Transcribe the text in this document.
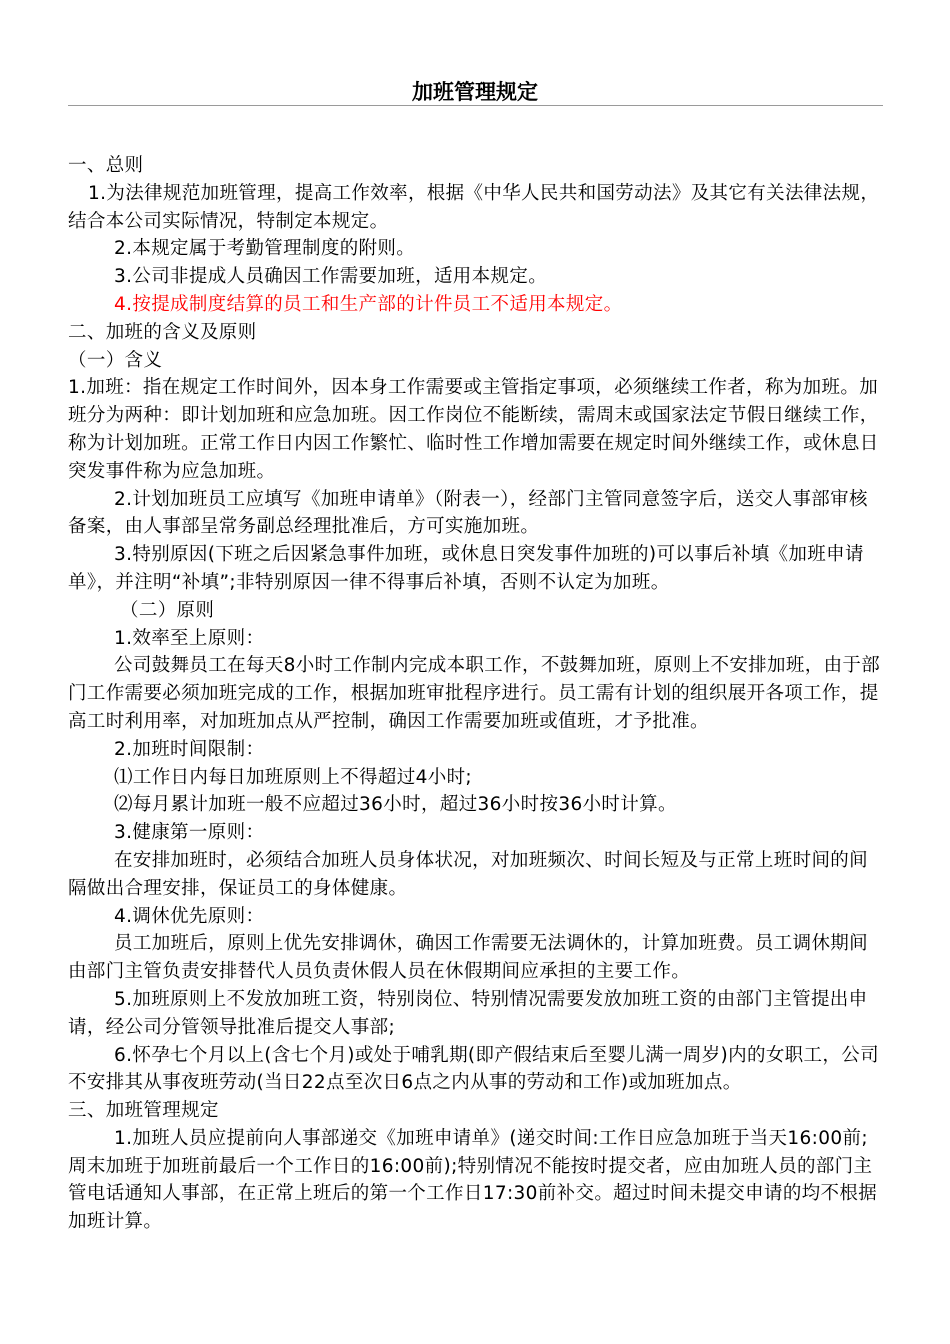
加班管理规定

一、总则

1.为法律规范加班管理，提高工作效率，根据《中华人民共和国劳动法》及其它有关法律法规，结合本公司实际情况，特制定本规定。

2.本规定属于考勤管理制度的附则。

3.公司非提成人员确因工作需要加班，适用本规定。

4.按提成制度结算的员工和生产部的计件员工不适用本规定。

二、加班的含义及原则

（一）含义

1.加班：指在规定工作时间外，因本身工作需要或主管指定事项，必须继续工作者，称为加班。加班分为两种：即计划加班和应急加班。因工作岗位不能断续，需周末或国家法定节假日继续工作，称为计划加班。正常工作日内因工作繁忙、临时性工作增加需要在规定时间外继续工作，或休息日突发事件称为应急加班。

2.计划加班员工应填写《加班申请单》（附表一），经部门主管同意签字后，送交人事部审核备案，由人事部呈常务副总经理批准后，方可实施加班。

3.特别原因(下班之后因紧急事件加班，或休息日突发事件加班的)可以事后补填《加班申请单》，并注明“补填”;非特别原因一律不得事后补填，否则不认定为加班。

（二）原则

1.效率至上原则：

公司鼓舞员工在每天8小时工作制内完成本职工作，不鼓舞加班，原则上不安排加班，由于部门工作需要必须加班完成的工作，根据加班审批程序进行。员工需有计划的组织展开各项工作，提高工时利用率，对加班加点从严控制，确因工作需要加班或值班，才予批准。

2.加班时间限制：

⑴工作日内每日加班原则上不得超过4小时;

⑵每月累计加班一般不应超过36小时，超过36小时按36小时计算。

3.健康第一原则：

在安排加班时，必须结合加班人员身体状况，对加班频次、时间长短及与正常上班时间的间隔做出合理安排，保证员工的身体健康。

4.调休优先原则：

员工加班后，原则上优先安排调休，确因工作需要无法调休的，计算加班费。员工调休期间由部门主管负责安排替代人员负责休假人员在休假期间应承担的主要工作。

5.加班原则上不发放加班工资，特别岗位、特别情况需要发放加班工资的由部门主管提出申请，经公司分管领导批准后提交人事部;

6.怀孕七个月以上(含七个月)或处于哺乳期(即产假结束后至婴儿满一周岁)内的女职工，公司不安排其从事夜班劳动(当日22点至次日6点之内从事的劳动和工作)或加班加点。

三、加班管理规定

1.加班人员应提前向人事部递交《加班申请单》(递交时间:工作日应急加班于当天16:00前;周末加班于加班前最后一个工作日的16:00前);特别情况不能按时提交者，应由加班人员的部门主管电话通知人事部，在正常上班后的第一个工作日17:30前补交。超过时间未提交申请的均不根据加班计算。
